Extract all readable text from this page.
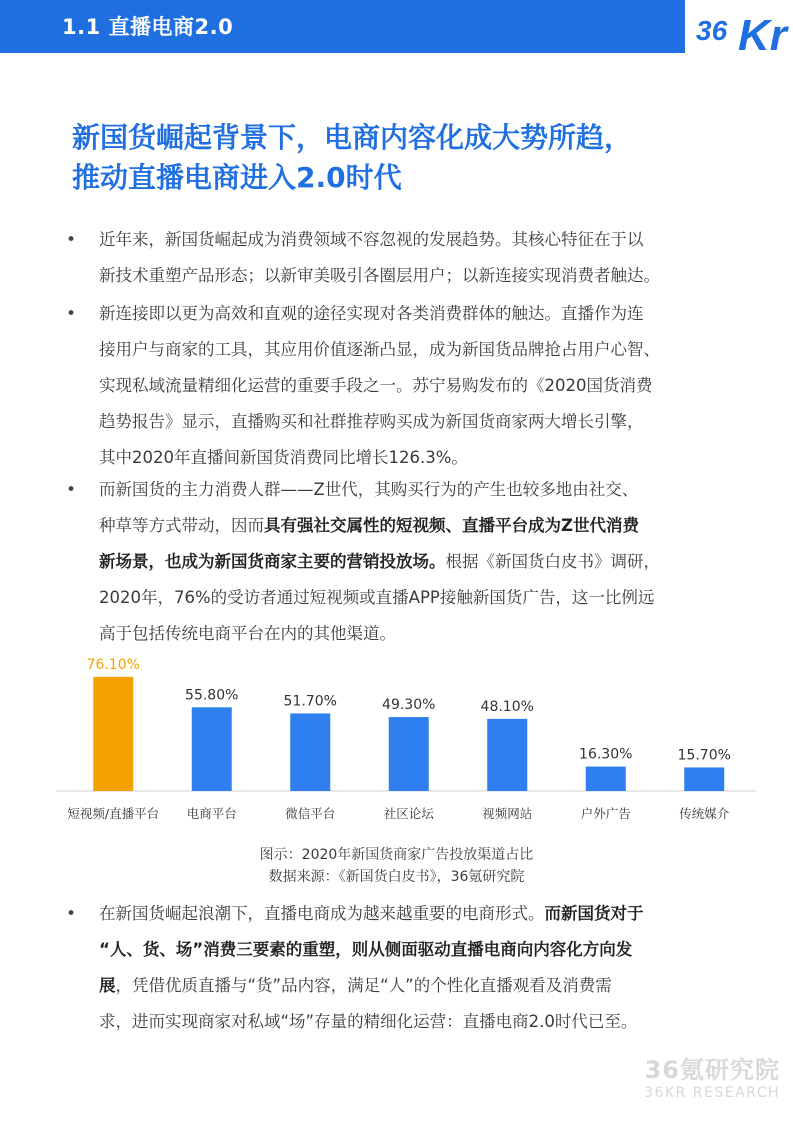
1.1 直播电商2.0	36 Kr
新国货崛起背景下，电商内容化成大势所趋，
推动直播电商进入2.0时代
• 近年来，新国货崛起成为消费领域不容忽视的发展趋势。其核心特征在于以
新技术重塑产品形态；以新审美吸引各圈层用户；以新连接实现消费者触达。
• 新连接即以更为高效和直观的途径实现对各类消费群体的触达。直播作为连
接用户与商家的工具，其应用价值逐渐凸显，成为新国货品牌抢占用户心智、
实现私域流量精细化运营的重要手段之一。苏宁易购发布的《2020国货消费
趋势报告》显示，直播购买和社群推荐购买成为新国货商家两大增长引擎，
其中2020年直播间新国货消费同比增长126.3%。
• 而新国货的主力消费人群——Z世代，其购买行为的产生也较多地由社交、
种草等方式带动，因而具有强社交属性的短视频、直播平台成为Z世代消费
新场景，也成为新国货商家主要的营销投放场。根据《新国货白皮书》调研，
2020年，76%的受访者通过短视频或直播APP接触新国货广告，这一比例远
高于包括传统电商平台在内的其他渠道。
76.10%
短视频/直播平台
55.80%
电商平台
51.70%
微信平台
49.30%
社区论坛
48.10%
视频网站
16.30%
户外广告
15.70%
传统媒介
图示：2020年新国货商家广告投放渠道占比
数据来源：《新国货白皮书》，36氪研究院
• 在新国货崛起浪潮下，直播电商成为越来越重要的电商形式。而新国货对于
“人、货、场”消费三要素的重塑，则从侧面驱动直播电商向内容化方向发
展，凭借优质直播与“货”品内容，满足“人”的个性化直播观看及消费需
求，进而实现商家对私域“场”存量的精细化运营：直播电商2.0时代已至。
36氪研究院
36KR RESEARCH
